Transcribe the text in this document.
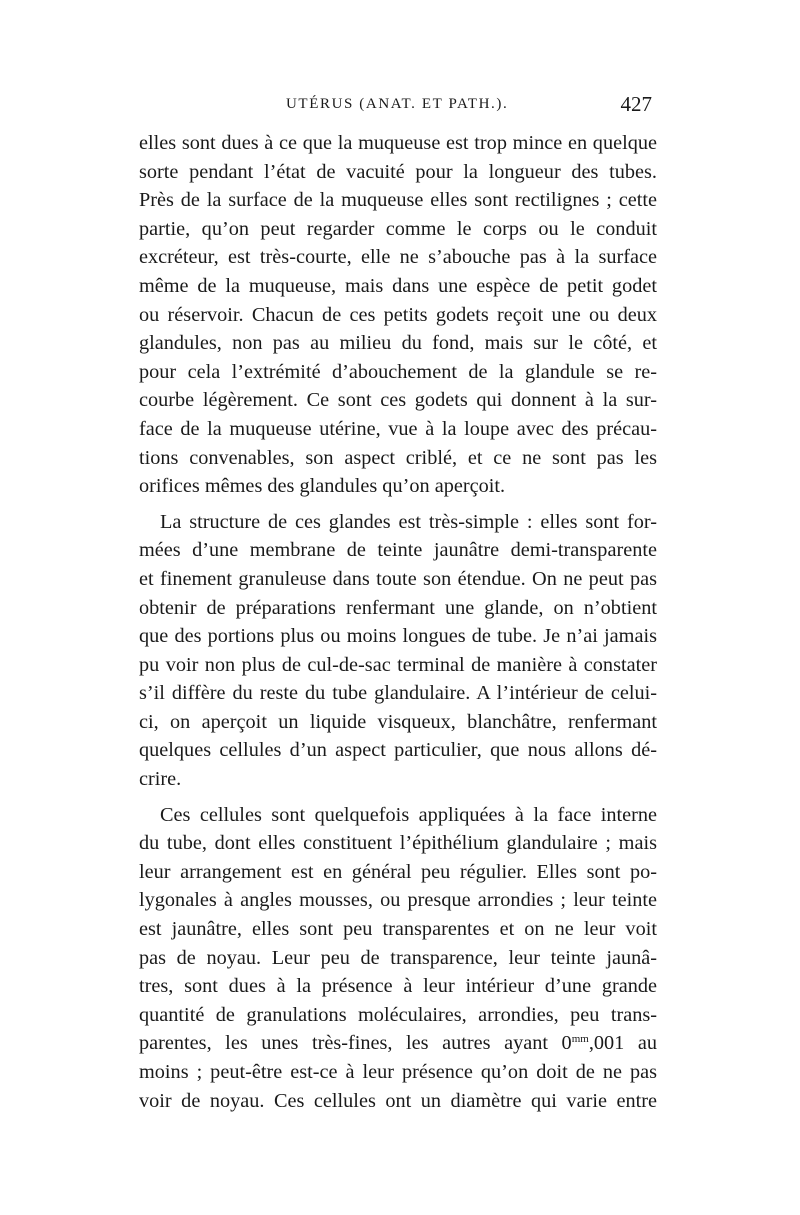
UTÉRUS (ANAT. ET PATH.).	427
elles sont dues à ce que la muqueuse est trop mince en quelque
sorte pendant l’état de vacuité pour la longueur des tubes.
Près de la surface de la muqueuse elles sont rectilignes ; cette
partie, qu’on peut regarder comme le corps ou le conduit
excréteur, est très-courte, elle ne s’abouche pas à la surface
même de la muqueuse, mais dans une espèce de petit godet
ou réservoir. Chacun de ces petits godets reçoit une ou deux
glandules, non pas au milieu du fond, mais sur le côté, et
pour cela l’extrémité d’abouchement de la glandule se re-
courbe légèrement. Ce sont ces godets qui donnent à la sur-
face de la muqueuse utérine, vue à la loupe avec des précau-
tions convenables, son aspect criblé, et ce ne sont pas les
orifices mêmes des glandules qu’on aperçoit.
La structure de ces glandes est très-simple : elles sont for-
mées d’une membrane de teinte jaunâtre demi-transparente
et finement granuleuse dans toute son étendue. On ne peut pas
obtenir de préparations renfermant une glande, on n’obtient
que des portions plus ou moins longues de tube. Je n’ai jamais
pu voir non plus de cul-de-sac terminal de manière à constater
s’il diffère du reste du tube glandulaire. A l’intérieur de celui-
ci, on aperçoit un liquide visqueux, blanchâtre, renfermant
quelques cellules d’un aspect particulier, que nous allons dé-
crire.
Ces cellules sont quelquefois appliquées à la face interne
du tube, dont elles constituent l’épithélium glandulaire ; mais
leur arrangement est en général peu régulier. Elles sont po-
lygonales à angles mousses, ou presque arrondies ; leur teinte
est jaunâtre, elles sont peu transparentes et on ne leur voit
pas de noyau. Leur peu de transparence, leur teinte jaunâ-
tres, sont dues à la présence à leur intérieur d’une grande
quantité de granulations moléculaires, arrondies, peu trans-
parentes, les unes très-fines, les autres ayant $0^{mm},001$ au
moins ; peut-être est-ce à leur présence qu’on doit de ne pas
voir de noyau. Ces cellules ont un diamètre qui varie entre
